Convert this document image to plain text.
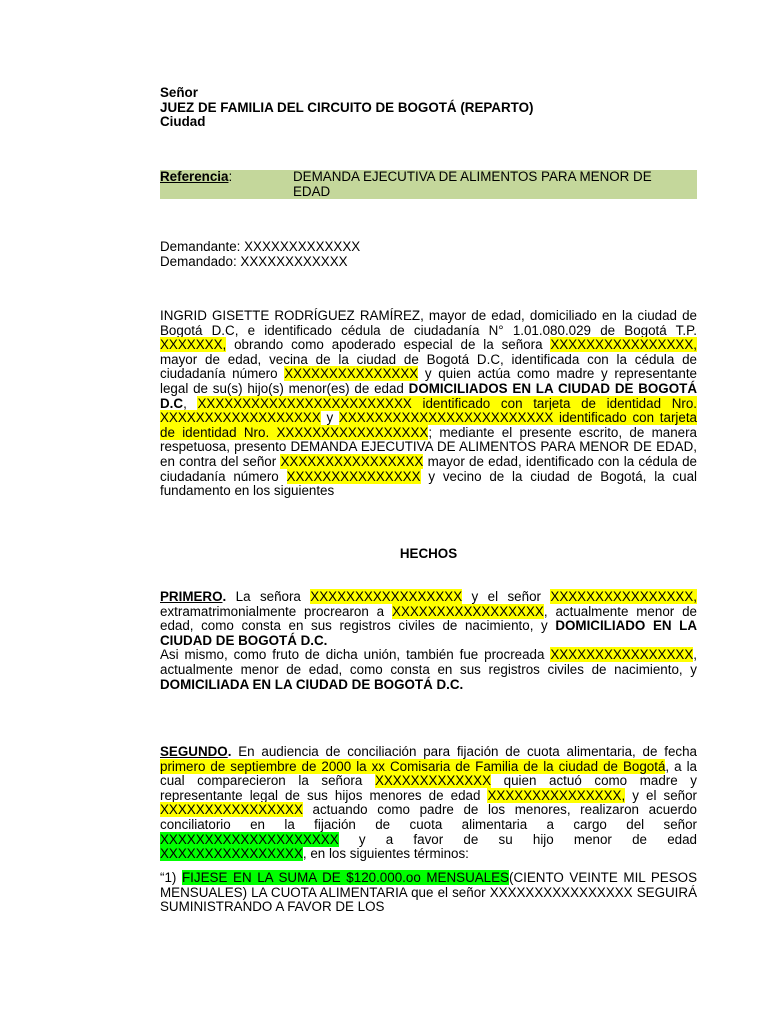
Señor
JUEZ DE FAMILIA DEL CIRCUITO DE BOGOTÁ (REPARTO)
Ciudad
Referencia:	DEMANDA EJECUTIVA DE ALIMENTOS PARA MENOR DE EDAD
Demandante: XXXXXXXXXXXXX
Demandado: XXXXXXXXXXXX
INGRID GISETTE RODRÍGUEZ RAMÍREZ, mayor de edad, domiciliado en la ciudad de Bogotá D.C, e identificado cédula de ciudadanía N° 1.01.080.029 de Bogotá T.P. XXXXXXX, obrando como apoderado especial de la señora XXXXXXXXXXXXXXXX, mayor de edad, vecina de la ciudad de Bogotá D.C, identificada con la cédula de ciudadanía número XXXXXXXXXXXXXXX y quien actúa como madre y representante legal de su(s) hijo(s) menor(es) de edad DOMICILIADOS EN LA CIUDAD DE BOGOTÁ D.C, XXXXXXXXXXXXXXXXXXXXXXXX identificado con tarjeta de identidad Nro. XXXXXXXXXXXXXXXXXX y XXXXXXXXXXXXXXXXXXXXXXXX identificado con tarjeta de identidad Nro. XXXXXXXXXXXXXXXXX; mediante el presente escrito, de manera respetuosa, presento DEMANDA EJECUTIVA DE ALIMENTOS PARA MENOR DE EDAD, en contra del señor XXXXXXXXXXXXXXXX mayor de edad, identificado con la cédula de ciudadanía número XXXXXXXXXXXXXXX y vecino de la ciudad de Bogotá, la cual fundamento en los siguientes
HECHOS
PRIMERO. La señora XXXXXXXXXXXXXXXXX y el señor XXXXXXXXXXXXXXXX, extramatrimonialmente procrearon a XXXXXXXXXXXXXXXXX, actualmente menor de edad, como consta en sus registros civiles de nacimiento, y DOMICILIADO EN LA CIUDAD DE BOGOTÁ D.C.
Asi mismo, como fruto de dicha unión, también fue procreada XXXXXXXXXXXXXXXX, actualmente menor de edad, como consta en sus registros civiles de nacimiento, y DOMICILIADA EN LA CIUDAD DE BOGOTÁ D.C.
SEGUNDO. En audiencia de conciliación para fijación de cuota alimentaria, de fecha primero de septiembre de 2000 la xx Comisaria de Familia de la ciudad de Bogotá, a la cual comparecieron la señora XXXXXXXXXXXXX quien actuó como madre y representante legal de sus hijos menores de edad XXXXXXXXXXXXXXX, y el señor XXXXXXXXXXXXXXXX actuando como padre de los menores, realizaron acuerdo conciliatorio en la fijación de cuota alimentaria a cargo del señor XXXXXXXXXXXXXXXXXXXX y a favor de su hijo menor de edad XXXXXXXXXXXXXXXX, en los siguientes términos:
“1) FIJESE EN LA SUMA DE $120.000.oo MENSUALES(CIENTO VEINTE MIL PESOS MENSUALES) LA CUOTA ALIMENTARIA que el señor XXXXXXXXXXXXXXXX SEGUIRÁ SUMINISTRANDO A FAVOR DE LOS
